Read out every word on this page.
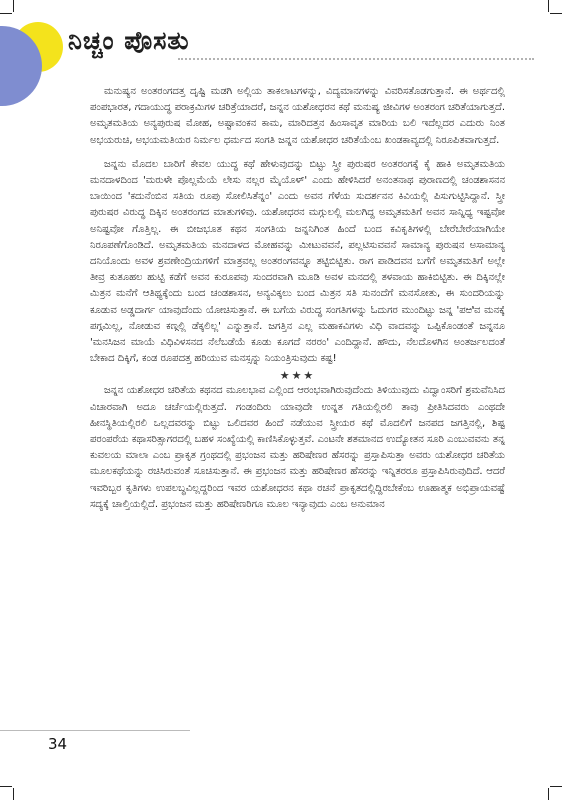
ನಿಚ್ಚಂ ಪೊಸತು

ಮನುಷ್ಯನ ಅಂತರಂಗದತ್ತ ದೃಷ್ಟಿ ಮಡಗಿ ಅಲ್ಲಿಯ ತಾಕಲಾಟಗಳನ್ನು, ವಿದ್ಯಮಾನಗಳನ್ನು ವಿವರಿಸತೊಡಗುತ್ತಾನೆ. ಈ ಅರ್ಥದಲ್ಲಿ ಪಂಪಭಾರತ, ಗದಾಯುದ್ಧ ಪರಾಕ್ರಮಿಗಳ ಚರಿತ್ರೆಯಾದರೆ, ಜನ್ನನ ಯಶೋಧರನ ಕಥೆ ಮನುಷ್ಯ ಜೀವಿಗಳ ಅಂತರಂಗ ಚರಿತೆಯಾಗುತ್ತದೆ. ಅಮೃತಮತಿಯ ಅನ್ಯಪುರುಷ ಮೋಹ, ಅಷ್ಟಾವಂಕನ ಕಾಮ, ಮಾರಿದತ್ತನ ಹಿಂಸಾವೃತ ಮಾರಿಯ ಬಲಿ ಇದೆಲ್ಲದರ ಎದುರು ನಿಂತ ಅಭಯರುಚಿ, ಅಭಯಮತಿಯರ ನಿರ್ಮಲ ಧರ್ಮದ ಸಂಗತಿ ಜನ್ನನ ಯಶೋಧರ ಚರಿತೆಯೆಂಬ ಖಂಡಕಾವ್ಯದಲ್ಲಿ ನಿರೂಪಿತವಾಗುತ್ತದೆ.

ಜನ್ನನು ಮೊದಲ ಬಾರಿಗೆ ಕೇವಲ ಯುದ್ಧ ಕಥೆ ಹೇಳುವುದನ್ನು ಬಿಟ್ಟು ಸ್ತ್ರೀ ಪುರುಷರ ಅಂತರಂಗಕ್ಕೆ ಕೈ ಹಾಕಿ ಅಮೃತಮತಿಯ ಮನದಾಳದಿಂದ 'ಮರುಳೇ ಪೊಲ್ಲಮೆಯೆ ಲೇಸು ನಲ್ಲರ ಮೈಯೊಳ್' ಎಂದು ಹೇಳಿಸಿದರೆ ಅನಂತನಾಥ ಪುರಾಣದಲ್ಲಿ ಚಂಡಶಾಸನನ ಬಾಯಿಂದ 'ಕದುನೆಂಬಿನ ಸತಿಯ ರೂಪು ಸೋಲಿಸಿತೆನ್ನಂ' ಎಂದು ಅವನ ಗೆಳೆಯ ಸುದರ್ಶನನ ಕಿವಿಯಲ್ಲಿ ಪಿಸುಗುಟ್ಟಿಸಿದ್ದಾನೆ. ಸ್ತ್ರೀ ಪುರುಷರ ವಿರುದ್ಧ ದಿಕ್ಕಿನ ಅಂತರಂಗದ ಮಾತುಗಳಿವು. ಯಶೋಧರನ ಮಗ್ಗುಲಲ್ಲಿ ಮಲಗಿದ್ದ ಅಮೃತಮತಿಗೆ ಅವನ ಸಾನ್ನಿಧ್ಯ ಇಷ್ಟವೋ ಅನಿಷ್ಟವೋ ಗೊತ್ತಿಲ್ಲ. ಈ ಬೀಜಭೂತ ಕಥನ ಸಂಗತಿಯ ಜನ್ನನಿಗಿಂತ ಹಿಂದೆ ಬಂದ ಕವಿಕೃತಿಗಳಲ್ಲಿ ಬೇರೆಬೇರೆಯಾಗಿಯೇ ನಿರೂಪಣೆಗೊಂಡಿದೆ. ಅಮೃತಮತಿಯ ಮನದಾಳದ ಮೋಹವನ್ನು ಮೀಟುವವನೆ, ಪಲ್ಲಟಿಸುವವನೆ ಸಾಮಾನ್ಯ ಪುರುಷನ ಅಸಾಮಾನ್ಯ ದನಿಯೊಂದು ಅವಳ ಶ್ರವಣೇಂದ್ರಿಯಗಳಿಗೆ ಮಾತ್ರವಲ್ಲ ಅಂತರಂಗವನ್ನೂ ತಟ್ಟಿಬಿಟ್ಟಿತು. ರಾಗ ಪಾಡಿದವನ ಬಗೆಗೆ ಅಮೃತಮತಿಗೆ ಅಲ್ಲೇ ತೀವ್ರ ಕುತೂಹಲ ಹುಟ್ಟಿ ಕಡೆಗೆ ಅವನ ಕುರೂಪವು ಸುಂದರವಾಗಿ ಮೂಡಿ ಅವಳ ಮನದಲ್ಲಿ ತಳವಾಯ ಹಾಕಿಬಿಟ್ಟಿತು. ಈ ದಿಕ್ಕಿನಲ್ಲೇ ಮಿತ್ರನ ಮನೆಗೆ ಆತಿಥ್ಯಕ್ಕೆಂದು ಬಂದ ಚಂಡಶಾಸನ, ಅನ್ಯವಿಕ್ಕಲು ಬಂದ ಮಿತ್ರನ ಸತಿ ಸುನಂದೆಗೆ ಮನಸೋತು, ಈ ಸುಂದರಿಯನ್ನು ಕೂಡುವ ಅಡ್ಡದಾರ್ಗ ಯಾವುದೆಂದು ಯೋಚಿಸುತ್ತಾನೆ. ಈ ಬಗೆಯ ವಿರುದ್ಧ ಸಂಗತಿಗಳನ್ನು ಓದುಗರ ಮುಂದಿಟ್ಟು ಜನ್ನ 'ಪಱಿವ ಮನಕ್ಕೆ ಪಗ್ಗಮಿಲ್ಲ, ನೋಡುವ ಕಣ್ಗಲ್ಲಿ ಡೆಕ್ಕಲಿಲ್ಲ' ಎನ್ನುತ್ತಾನೆ. ಜಗತ್ತಿನ ಎಲ್ಲ ಮಹಾಕವಿಗಳು ವಿಧಿ ವಾದವನ್ನು ಒಪ್ಪಿಕೊಂಡಂತೆ ಜನ್ನನೂ 'ಮನಸಿಜನ ಮಾಯೆ ವಿಧಿವಿಳಸನದ ನೆಲೆಬಡೆಯೆ ಕೂಡು ಕೂಗದೆ ನರರಂ' ಎಂದಿದ್ದಾನೆ. ಹೌದು, ನೆಲದೊಳಗಿನ ಅಂತರ್ಜಲದಂತೆ ಬೇಕಾದ ದಿಕ್ಕಿಗೆ, ಕಂಡ ರೂಪದತ್ತ ಹರಿಯುವ ಮನಸ್ಸನ್ನು ನಿಯಂತ್ರಿಸುವುದು ಕಷ್ಟ!

★★★

ಜನ್ನನ ಯಶೋಧರ ಚರಿತೆಯ ಕಥನದ ಮೂಲಭಾವ ಎಲ್ಲಿಂದ ಆರಂಭವಾಗಿರುವುದೆಂದು ತಿಳಿಯುವುದು ವಿದ್ವಾಂಸರಿಗೆ ಶ್ರಮವೆನಿಸಿದ ವಿಚಾರವಾಗಿ ಅದೂ ಚರ್ಚೆಯಲ್ಲಿರುತ್ತದೆ. ಗಂಡಂದಿರು ಯಾವುದೇ ಉನ್ನತ ಗತಿಯಲ್ಲಿರಲಿ ತಾವು ಪ್ರೀತಿಸಿದವರು ಎಂಥದೇ ಹೀನಸ್ಥಿತಿಯಲ್ಲಿರಲಿ ಒಲ್ಲದವರನ್ನು ಬಿಟ್ಟು ಒಲಿದವರ ಹಿಂದೆ ನಡೆಯುವ ಸ್ತ್ರೀಯರ ಕಥೆ ಮೊದಲಿಗೆ ಜನಪದ ಜಗತ್ತಿನಲ್ಲಿ, ಶಿಷ್ಟ ಪರಂಪರೆಯ ಕಥಾಸರಿತ್ಸಾಗರದಲ್ಲಿ ಬಹಳ ಸಂಖ್ಯೆಯಲ್ಲಿ ಕಾಣಿಸಿಕೊಳ್ಳುತ್ತವೆ. ಎಂಟನೇ ಶತಮಾನದ ಉದ್ಯೋತನ ಸೂರಿ ಎಂಬುವವನು ತನ್ನ ಕುವಲಯ ಮಾಲಾ ಎಂಬ ಪ್ರಾಕೃತ ಗ್ರಂಥದಲ್ಲಿ ಪ್ರಭಂಜನ ಮತ್ತು ಹರಿಷೇಣರ ಹೆಸರನ್ನು ಪ್ರಸ್ತಾಪಿಸುತ್ತಾ ಅವರು ಯಶೋಧರ ಚರಿತೆಯ ಮೂಲಕಥೆಯನ್ನು ರಚಿಸಿರುವಂತೆ ಸೂಚಿಸುತ್ತಾನೆ. ಈ ಪ್ರಭಂಜನ ಮತ್ತು ಹರಿಷೇಣರ ಹೆಸರನ್ನು ಇನ್ನಿತರರೂ ಪ್ರಸ್ತಾಪಿಸಿರುವುದಿದೆ. ಆದರೆ ಇವರಿಬ್ಬರ ಕೃತಿಗಳು ಉಪಲಬ್ಧವಿಲ್ಲದ್ದರಿಂದ ಇವರ ಯಶೋಧರನ ಕಥಾ ರಚನೆ ಪ್ರಾಕೃತದಲ್ಲಿದ್ದಿರಬೇಕೆಂಬ ಊಹಾತ್ಮಕ ಅಭಿಪ್ರಾಯವಷ್ಟೆ ಸದ್ಯಕ್ಕೆ ಚಾಲ್ತಿಯಲ್ಲಿದೆ. ಪ್ರಭಂಜನ ಮತ್ತು ಹರಿಷೇಣರಿಗೂ ಮೂಲ ಇನ್ಯಾವುದು ಎಂಬ ಅನುಮಾನ

34
